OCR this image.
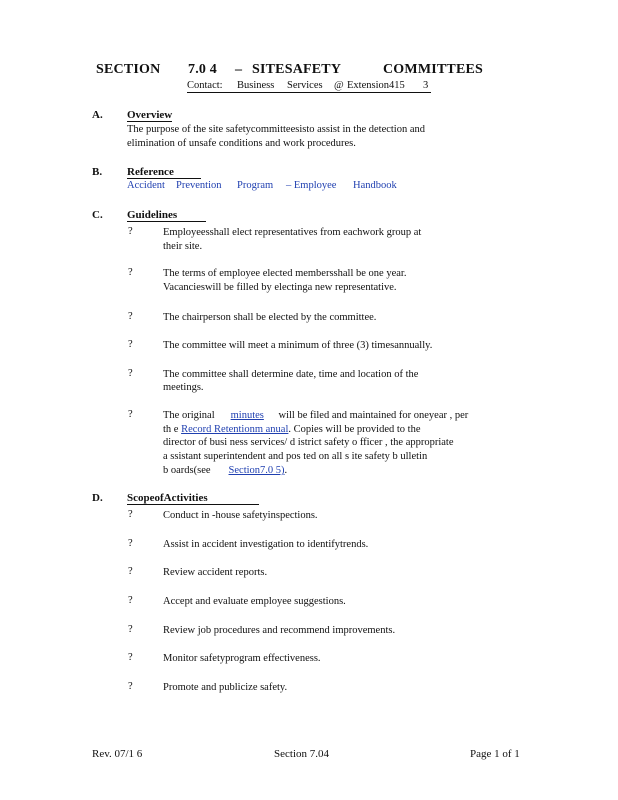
SECTION 7.0 4 – SITESAFETY	COMMITTEES
Contact: Business Services @ Extension415 3
A. Overview
The purpose of the site safetycommitteesisto assist in the detection and
elimination of unsafe conditions and work procedures.
B. Reference
Accident Prevention Program – Employee Handbook
C. Guidelines
?	Employeesshall elect representatives from eachwork group at
their site.
?	The terms of employee elected membersshall be one year.
Vacancieswill be filled by electinga new representative.
?	The chairperson shall be elected by the committee.
?	The committee will meet a minimum of three (3) timesannually.
?	The committee shall determine date, time and location of the
meetings.
?	The original minutes will be filed and maintained for oneyear , per
th e Record Retentionm anual. Copies will be provided to the
director of busi ness services/ d istrict safety o fficer , the appropriate
a ssistant superintendent and pos ted on all s ite safety b ulletin
b oards(see Section7.0 5).
D. ScopeofActivities
?	Conduct in -house safetyinspections.
?	Assist in accident investigation to identifytrends.
?	Review accident reports.
?	Accept and evaluate employee suggestions.
?	Review job procedures and recommend improvements.
?	Monitor safetyprogram effectiveness.
?	Promote and publicize safety.
Rev. 07/1 6	Section 7.04	Page 1 of 1
